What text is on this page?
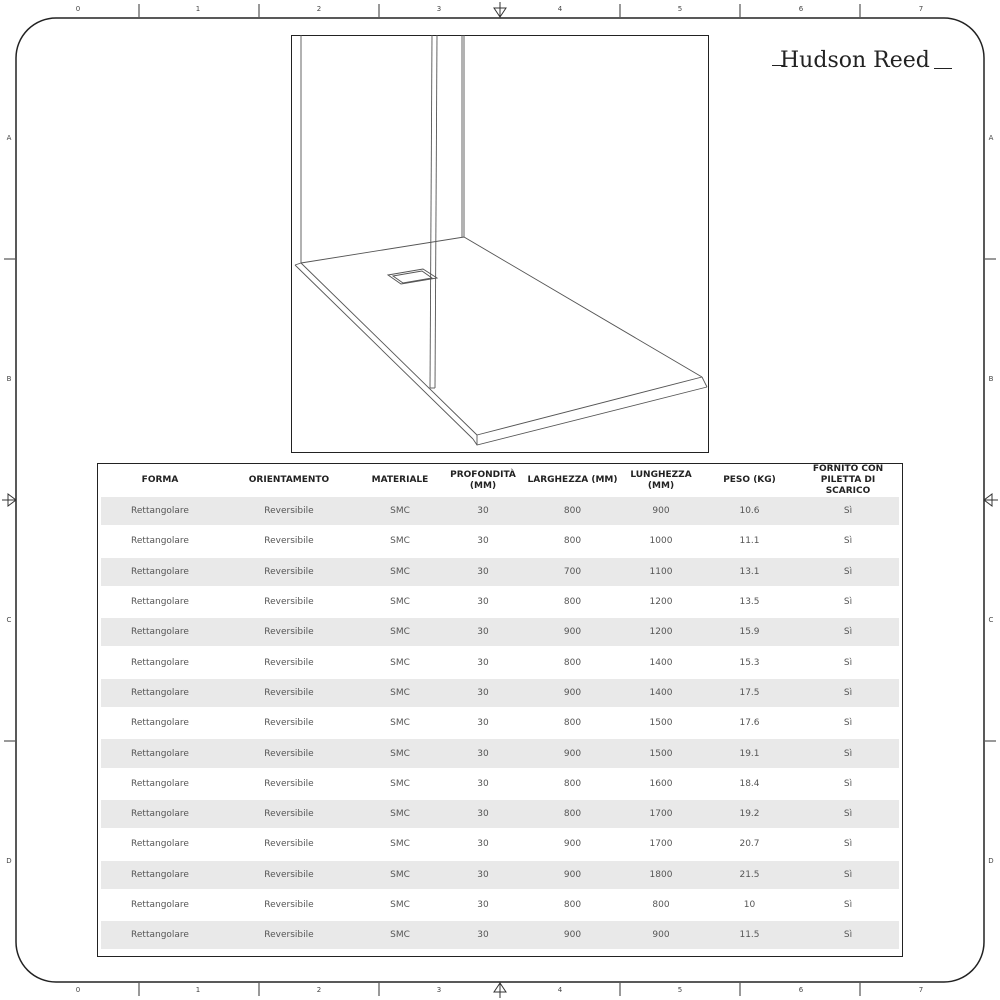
0	1	2	3	4	5	6	7
0	1	2	3	4	5	6	7
A
B
C
D
A
B
C
D
Hudson Reed
FORMA	ORIENTAMENTO	MATERIALE	PROFONDITÀ (MM)	LARGHEZZA (MM)	LUNGHEZZA (MM)	PESO (KG)	FORNITO CON PILETTA DI SCARICO
Rettangolare	Reversibile	SMC	30	800	900	10.6	Sì
Rettangolare	Reversibile	SMC	30	800	1000	11.1	Sì
Rettangolare	Reversibile	SMC	30	700	1100	13.1	Sì
Rettangolare	Reversibile	SMC	30	800	1200	13.5	Sì
Rettangolare	Reversibile	SMC	30	900	1200	15.9	Sì
Rettangolare	Reversibile	SMC	30	800	1400	15.3	Sì
Rettangolare	Reversibile	SMC	30	900	1400	17.5	Sì
Rettangolare	Reversibile	SMC	30	800	1500	17.6	Sì
Rettangolare	Reversibile	SMC	30	900	1500	19.1	Sì
Rettangolare	Reversibile	SMC	30	800	1600	18.4	Sì
Rettangolare	Reversibile	SMC	30	800	1700	19.2	Sì
Rettangolare	Reversibile	SMC	30	900	1700	20.7	Sì
Rettangolare	Reversibile	SMC	30	900	1800	21.5	Sì
Rettangolare	Reversibile	SMC	30	800	800	10	Sì
Rettangolare	Reversibile	SMC	30	900	900	11.5	Sì
